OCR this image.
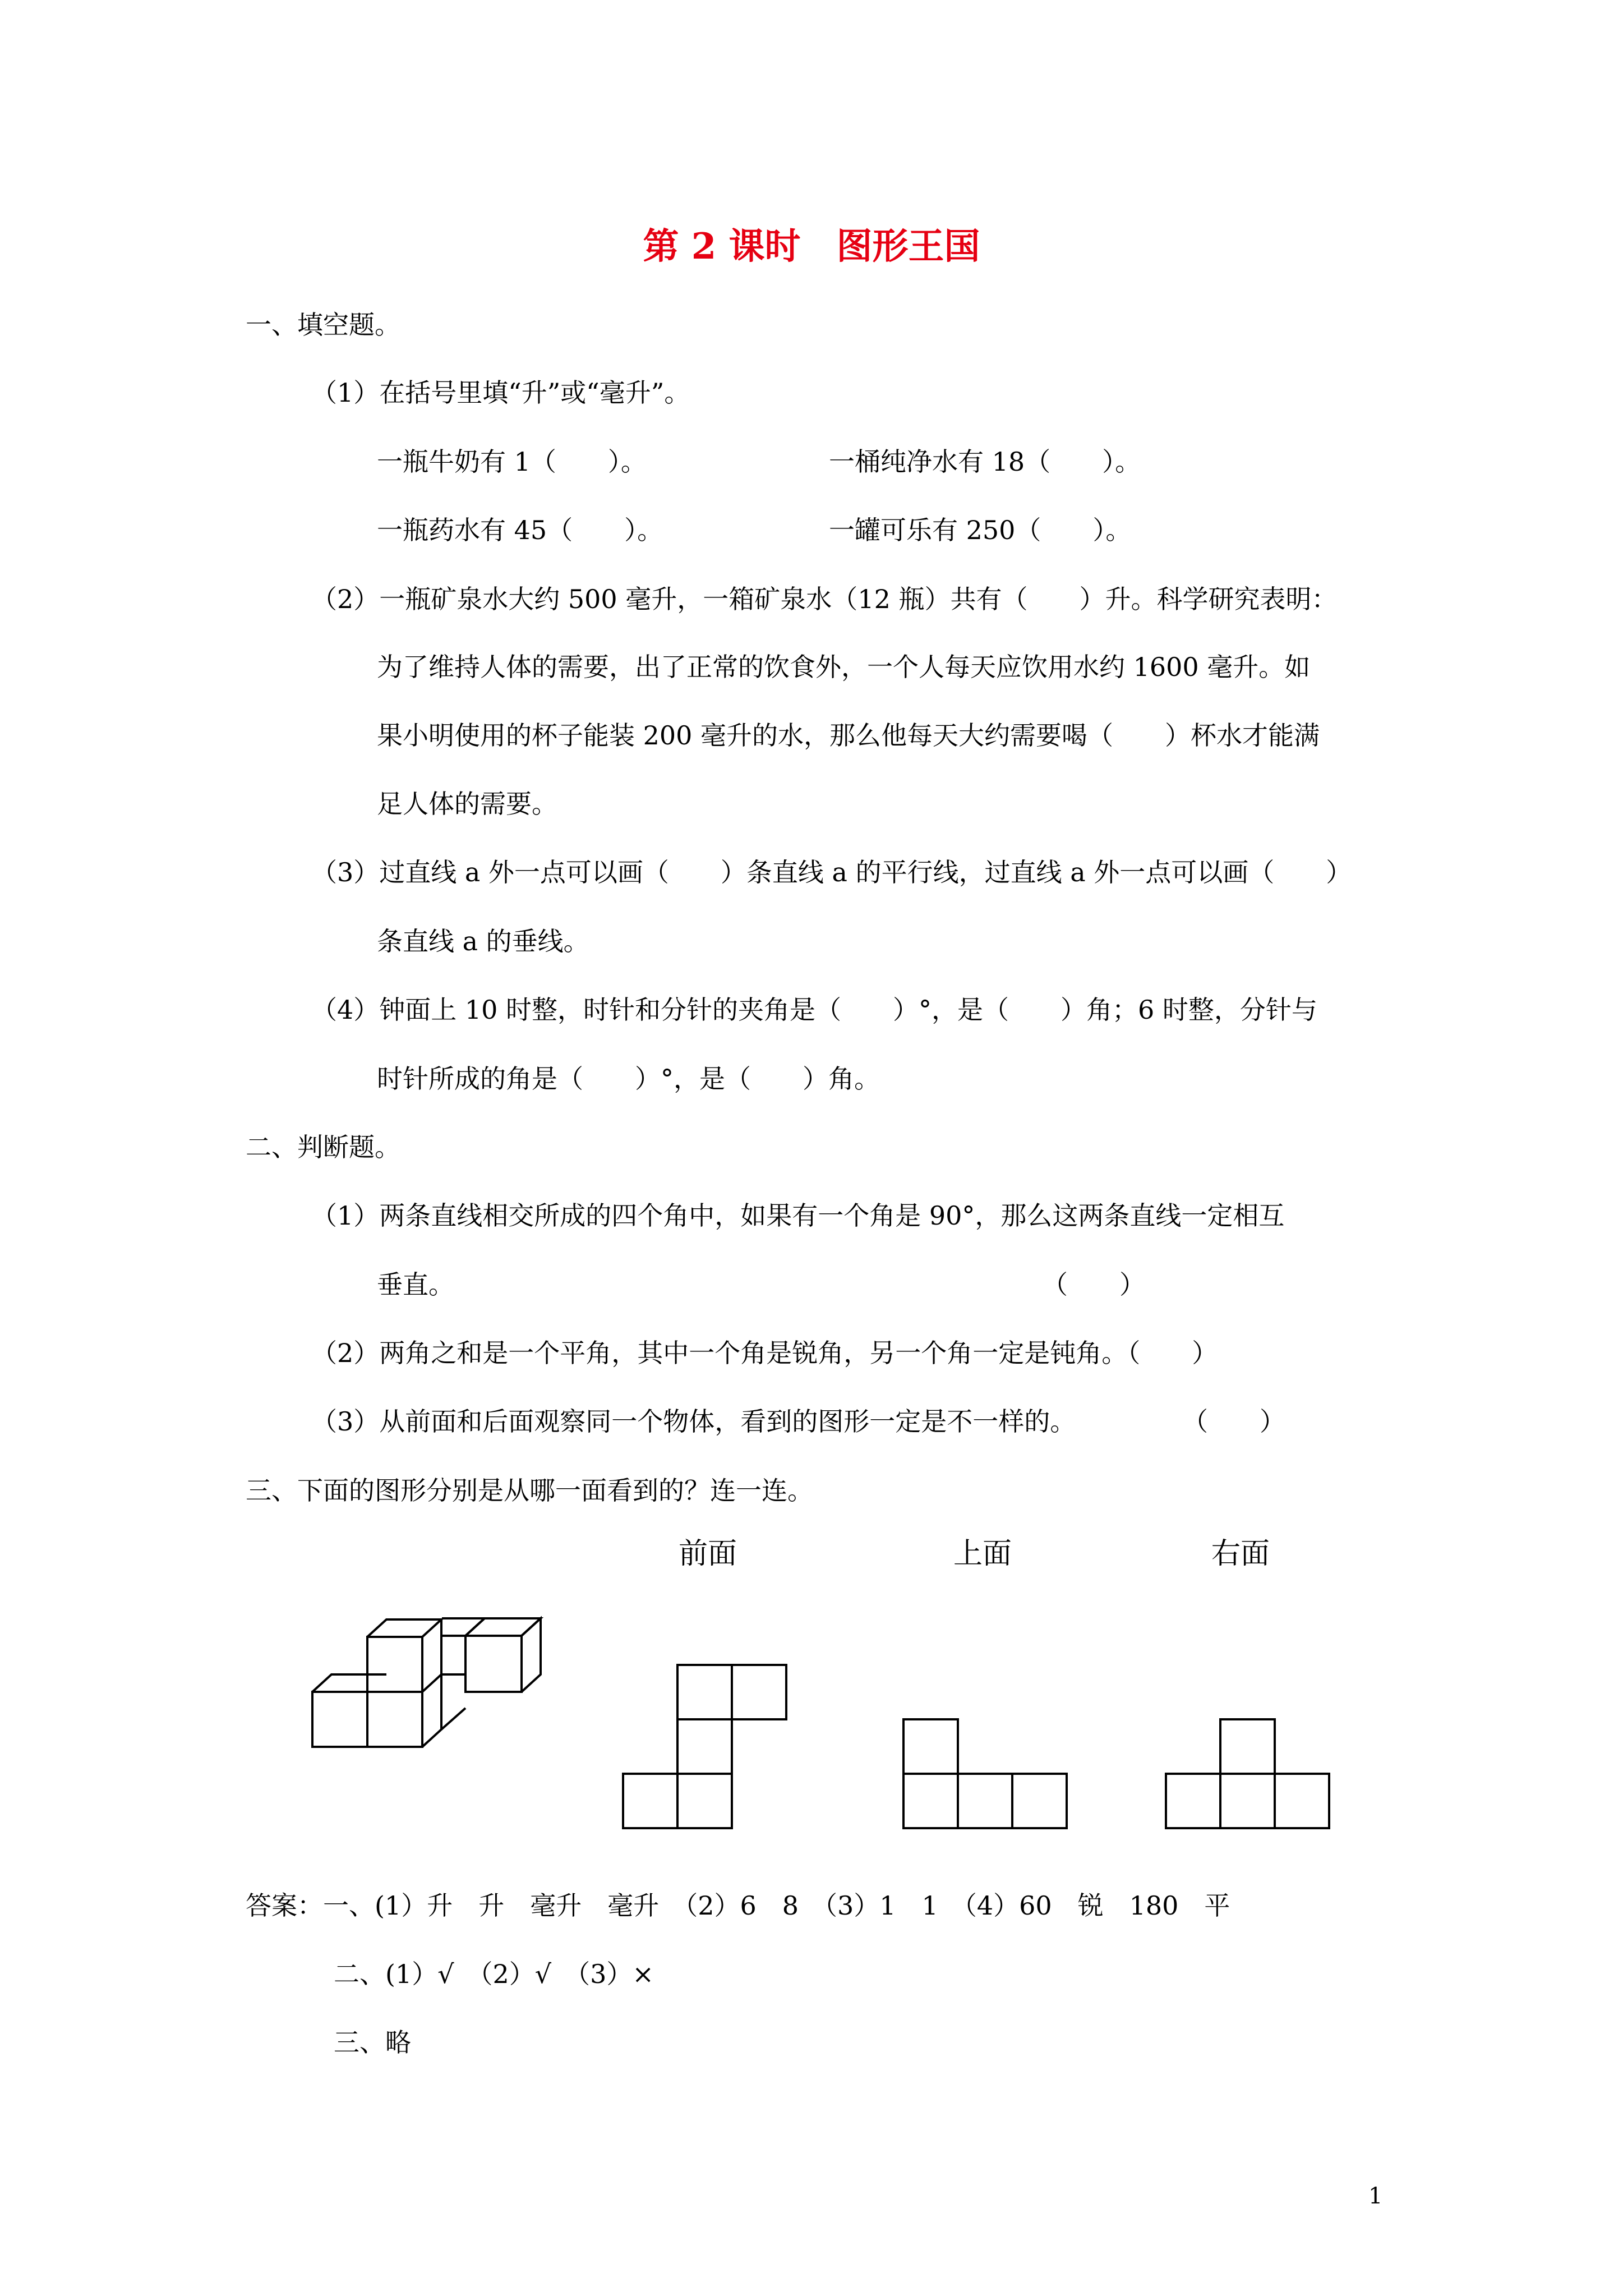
第 2 课时　图形王国
一、填空题。
（1）在括号里填“升”或“毫升”。
一瓶牛奶有 1（　　）。	一桶纯净水有 18（　　）。
一瓶药水有 45（　　）。	一罐可乐有 250（　　）。
（2）一瓶矿泉水大约 500 毫升，一箱矿泉水（12 瓶）共有（　　）升。科学研究表明：
为了维持人体的需要，出了正常的饮食外，一个人每天应饮用水约 1600 毫升。如
果小明使用的杯子能装 200 毫升的水，那么他每天大约需要喝（　　）杯水才能满
足人体的需要。
（3）过直线 a 外一点可以画（　　）条直线 a 的平行线，过直线 a 外一点可以画（　　）
条直线 a 的垂线。
（4）钟面上 10 时整，时针和分针的夹角是（　　）°，是（　　）角；6 时整，分针与
时针所成的角是（　　）°，是（　　）角。
二、判断题。
（1）两条直线相交所成的四个角中，如果有一个角是 90°，那么这两条直线一定相互
垂直。	（　　）
（2）两角之和是一个平角，其中一个角是锐角，另一个角一定是钝角。（　　）
（3）从前面和后面观察同一个物体，看到的图形一定是不一样的。	（　　）
三、下面的图形分别是从哪一面看到的？连一连。
前面	上面	右面
答案：一、(1）升　升　毫升　毫升　（2）6　8　（3）1　1　（4）60　锐　180　平
二、(1）√　（2）√　（3）×
三、略
1
